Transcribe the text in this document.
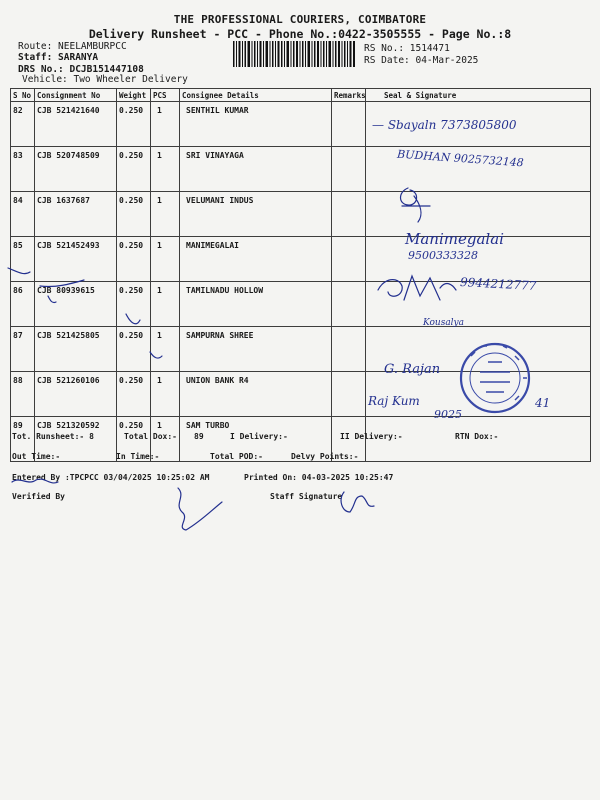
THE PROFESSIONAL COURIERS, COIMBATORE
Delivery Runsheet - PCC - Phone No.:0422-3505555 - Page No.:8
Route: NEELAMBURPCC
Staff: SARANYA
DRS No.: DCJB151447108
Vehicle: Two Wheeler Delivery
RS No.: 1514471
RS Date: 04-Mar-2025
S No	Consignment No	Weight	PCS	Consignee Details	Remarks	Seal & Signature
82	CJB 521421640	0.250	1	SENTHIL KUMAR		
83	CJB 520748509	0.250	1	SRI VINAYAGA		
84	CJB 1637687	0.250	1	VELUMANI INDUS		
85	CJB 521452493	0.250	1	MANIMEGALAI		
86	CJB 80939615	0.250	1	TAMILNADU HOLLOW		
87	CJB 521425805	0.250	1	SAMPURNA SHREE		
88	CJB 521260106	0.250	1	UNION BANK R4		
89	CJB 521320592	0.250	1	SAM TURBO		
Tot. Runsheet:- 8	Total Dox:- 89	I Delivery:-	II Delivery:-	RTN Dox:-
Out Time:-	In Time:-	Total POD:-	Delvy Points:-
Entered By :TPCPCC 03/04/2025 10:25:02 AM	Printed On: 04-03-2025 10:25:47
Verified By	Staff Signature
— Sbayaln 7373805800
BUDHAN 9025732148
Manimegalai
9500333328
9944212777
Kousalya
G. Rajan
Raj Kum
9025
41
